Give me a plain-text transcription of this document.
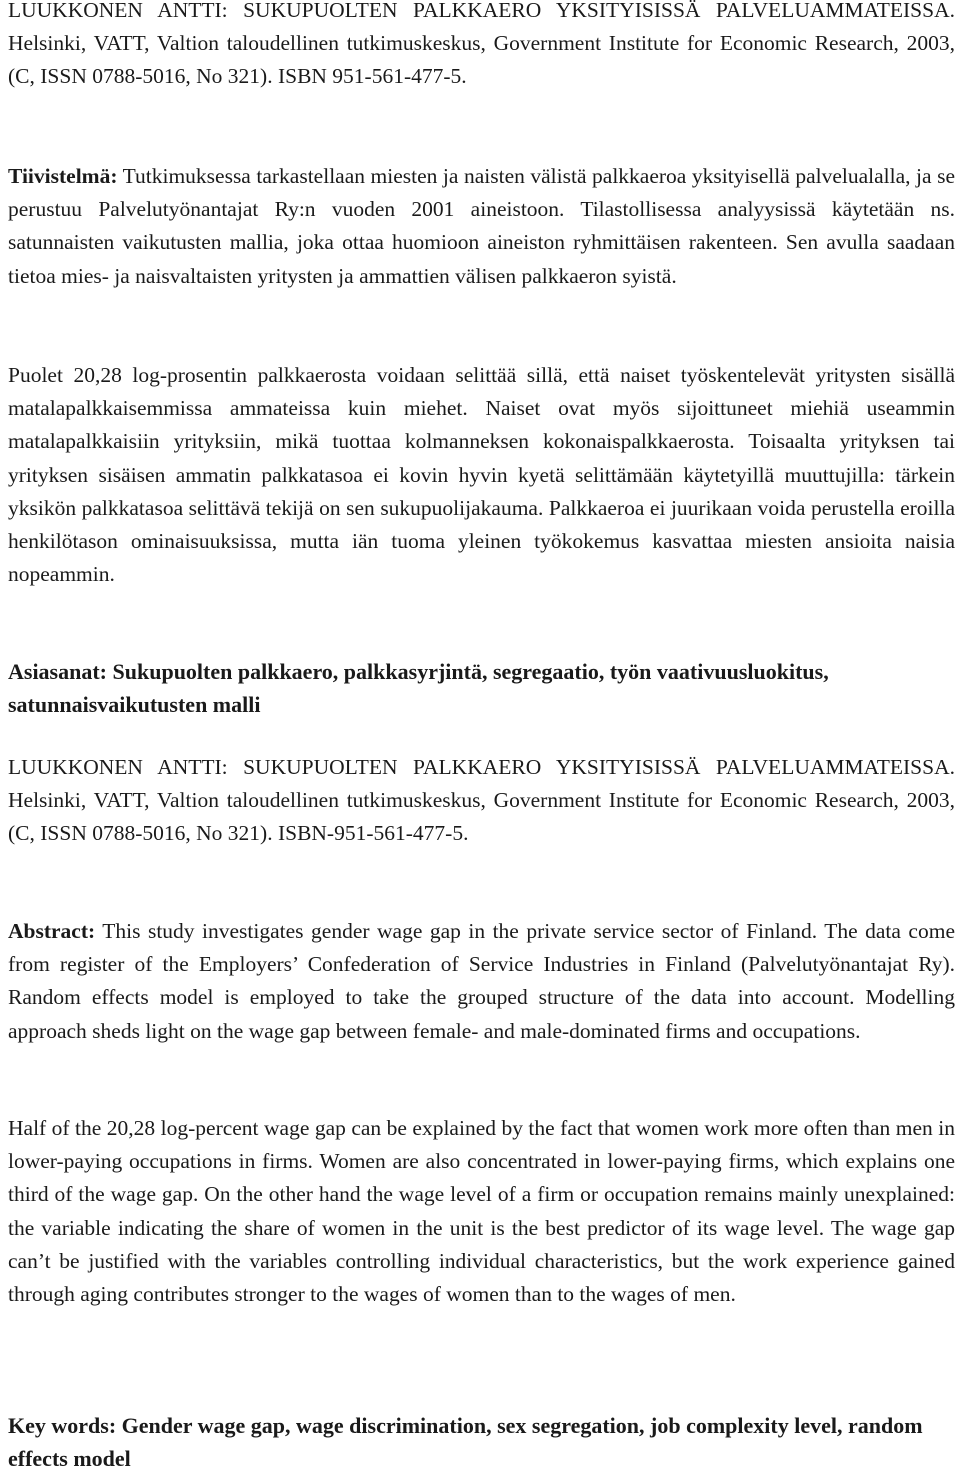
LUUKKONEN ANTTI: SUKUPUOLTEN PALKKAERO YKSITYISISSÄ PALVELUAMMATEISSA. Helsinki, VATT, Valtion taloudellinen tutkimuskeskus, Government Institute for Economic Research, 2003, (C, ISSN 0788-5016, No 321). ISBN 951-561-477-5.

Tiivistelmä: Tutkimuksessa tarkastellaan miesten ja naisten välistä palkkaeroa yksityisellä palvelualalla, ja se perustuu Palvelutyönantajat Ry:n vuoden 2001 aineistoon. Tilastollisessa analyysissä käytetään ns. satunnaisten vaikutusten mallia, joka ottaa huomioon aineiston ryhmittäisen rakenteen. Sen avulla saadaan tietoa mies- ja naisvaltaisten yritysten ja ammattien välisen palkkaeron syistä.

Puolet 20,28 log-prosentin palkkaerosta voidaan selittää sillä, että naiset työskentelevät yritysten sisällä matalapalkkaisemmissa ammateissa kuin miehet. Naiset ovat myös sijoittuneet miehiä useammin matalapalkkaisiin yrityksiin, mikä tuottaa kolmanneksen kokonaispalkkaerosta. Toisaalta yrityksen tai yrityksen sisäisen ammatin palkkatasoa ei kovin hyvin kyetä selittämään käytetyillä muuttujilla: tärkein yksikön palkkatasoa selittävä tekijä on sen sukupuolijakauma. Palkkaeroa ei juurikaan voida perustella eroilla henkilötason ominaisuuksissa, mutta iän tuoma yleinen työkokemus kasvattaa miesten ansioita naisia nopeammin.

Asiasanat: Sukupuolten palkkaero, palkkasyrjintä, segregaatio, työn vaativuusluokitus, satunnaisvaikutusten malli

LUUKKONEN ANTTI: SUKUPUOLTEN PALKKAERO YKSITYISISSÄ PALVELUAMMATEISSA. Helsinki, VATT, Valtion taloudellinen tutkimuskeskus, Government Institute for Economic Research, 2003, (C, ISSN 0788-5016, No 321). ISBN-951-561-477-5.

Abstract: This study investigates gender wage gap in the private service sector of Finland. The data come from register of the Employers’ Confederation of Service Industries in Finland (Palvelutyönantajat Ry). Random effects model is employed to take the grouped structure of the data into account. Modelling approach sheds light on the wage gap between female- and male-dominated firms and occupations.

Half of the 20,28 log-percent wage gap can be explained by the fact that women work more often than men in lower-paying occupations in firms. Women are also concentrated in lower-paying firms, which explains one third of the wage gap. On the other hand the wage level of a firm or occupation remains mainly unexplained: the variable indicating the share of women in the unit is the best predictor of its wage level. The wage gap can’t be justified with the variables controlling individual characteristics, but the work experience gained through aging contributes stronger to the wages of women than to the wages of men.

Key words: Gender wage gap, wage discrimination, sex segregation, job complexity level, random effects model
